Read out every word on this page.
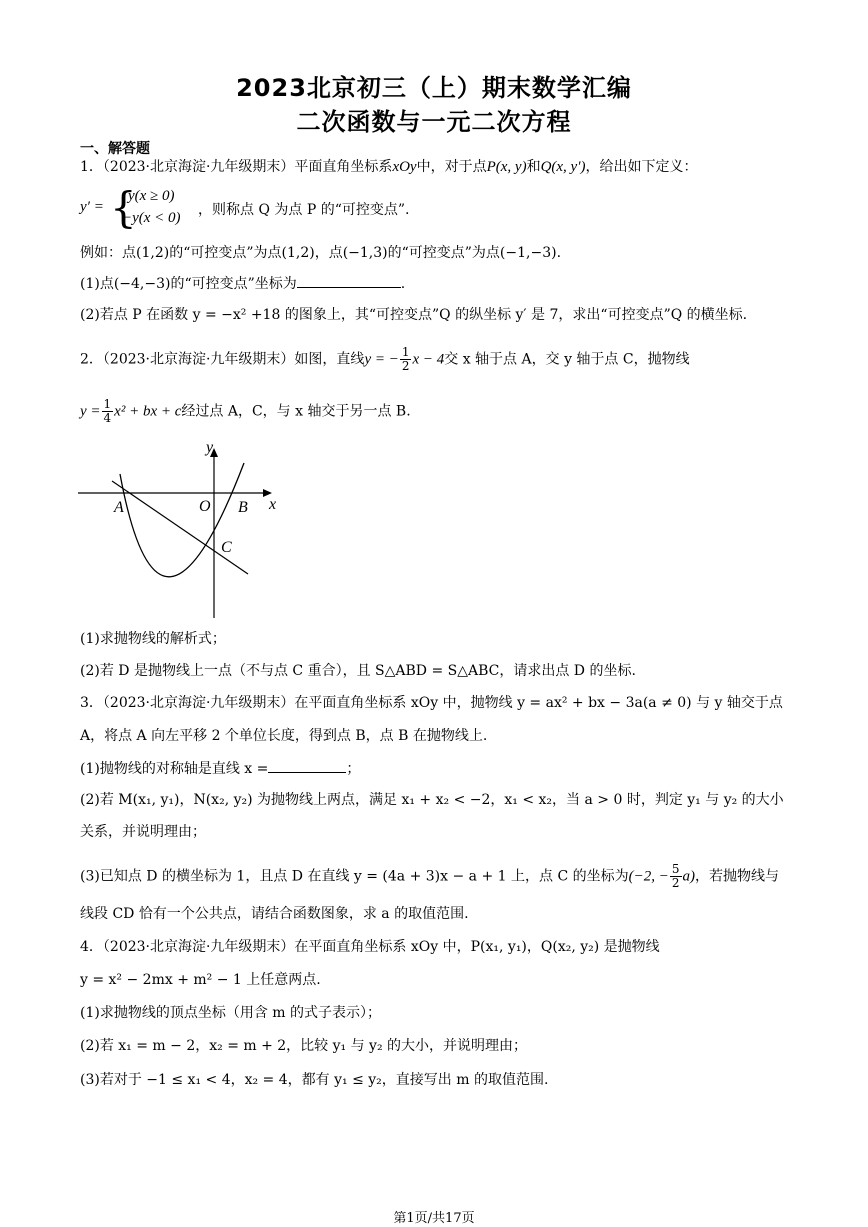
2023北京初三（上）期末数学汇编
二次函数与一元二次方程
一、解答题
1．（2023·北京海淀·九年级期末）平面直角坐标系xOy中，对于点P(x, y)和Q(x, y′)，给出如下定义：
y′ = {
y(x ≥ 0)
−y(x < 0) ，则称点 Q 为点 P 的“可控变点”.
例如：点(1,2)的“可控变点”为点(1,2)，点(−1,3)的“可控变点”为点(−1,−3).
(1)点(−4,−3)的“可控变点”坐标为	.
(2)若点 P 在函数 y = −x² +18 的图象上，其“可控变点”Q 的纵坐标 y′ 是 7，求出“可控变点”Q 的横坐标.
2．（2023·北京海淀·九年级期末）如图，直线y = − $\frac{1}{2}$ x − 4交 x 轴于点 A，交 y 轴于点 C，抛物线
$y = \frac{1}{4} x^2$ + bx + c经过点 A，C，与 x 轴交于另一点 B.
y
x
O
A	B
C
(1)求抛物线的解析式；
(2)若 D 是抛物线上一点（不与点 C 重合），且 S△ABD = S△ABC，请求出点 D 的坐标.
3．（2023·北京海淀·九年级期末）在平面直角坐标系 xOy 中，抛物线 y = ax² + bx − 3a(a ≠ 0) 与 y 轴交于点
A，将点 A 向左平移 2 个单位长度，得到点 B，点 B 在抛物线上.
(1)抛物线的对称轴是直线 x =	；
(2)若 M(x₁, y₁)，N(x₂, y₂) 为抛物线上两点，满足 x₁ + x₂ < −2，x₁ < x₂，当 a > 0 时，判定 y₁ 与 y₂ 的大小
关系，并说明理由；
(3)已知点 D 的横坐标为 1，且点 D 在直线 y = (4a + 3)x − a + 1 上，点 C 的坐标为(−2, − $\frac{5}{2} a$)，若抛物线与
线段 CD 恰有一个公共点，请结合函数图象，求 a 的取值范围.
4．（2023·北京海淀·九年级期末）在平面直角坐标系 xOy 中，P(x₁, y₁)，Q(x₂, y₂) 是抛物线
y = x² − 2mx + m² − 1 上任意两点.
(1)求抛物线的顶点坐标（用含 m 的式子表示）；
(2)若 x₁ = m − 2，x₂ = m + 2，比较 y₁ 与 y₂ 的大小，并说明理由；
(3)若对于 −1 ≤ x₁ < 4，x₂ = 4，都有 y₁ ≤ y₂，直接写出 m 的取值范围.
第1页/共17页
